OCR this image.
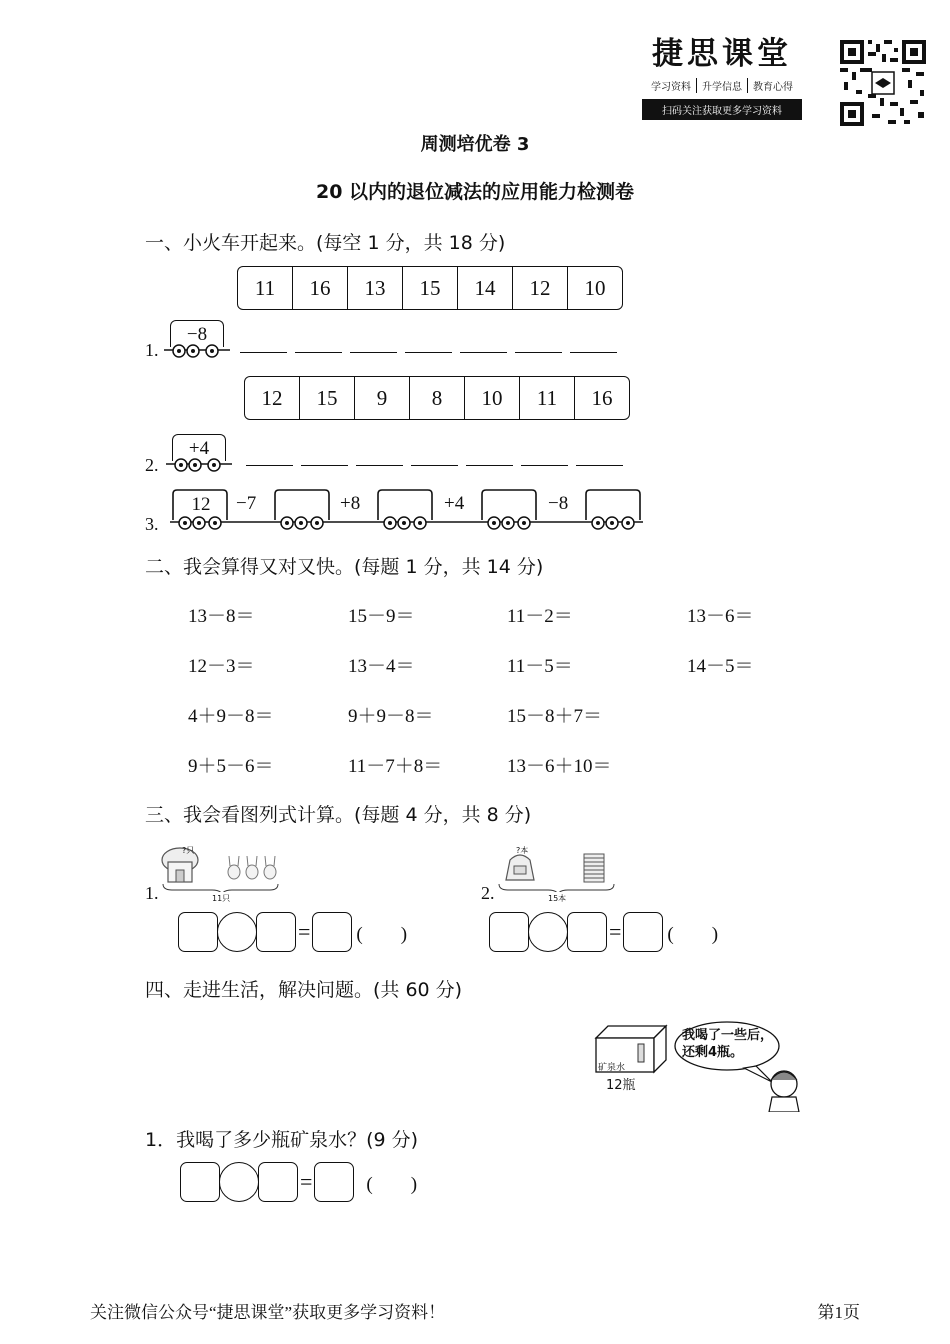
捷思课堂
学习资料	升学信息	教育心得
扫码关注获取更多学习资料
周测培优卷 3
20 以内的退位减法的应用能力检测卷
一、小火车开起来。(每空 1 分，共 18 分)
11	16	13	15	14	12	10
1.
−8
12	15	9	8	10	11	16
2.
+4
3.
12	−7	+8	+4	−8
二、我会算得又对又快。(每题 1 分，共 14 分)
13－8＝	15－9＝	11－2＝	13－6＝
12－3＝	13－4＝	11－5＝	14－5＝
4＋9－8＝	9＋9－8＝	15－8＋7＝
9＋5－6＝	11－7＋8＝	13－6＋10＝
三、我会看图列式计算。(每题 4 分，共 8 分)
1.
?只
11只
= (　　)
2.
?本
15本
= (　　)
四、走进生活，解决问题。(共 60 分)
矿泉水
12瓶
我喝了一些后，还剩4瓶。
1．我喝了多少瓶矿泉水？(9 分)
=	(　　)
关注微信公众号“捷思课堂”获取更多学习资料！	第1页
